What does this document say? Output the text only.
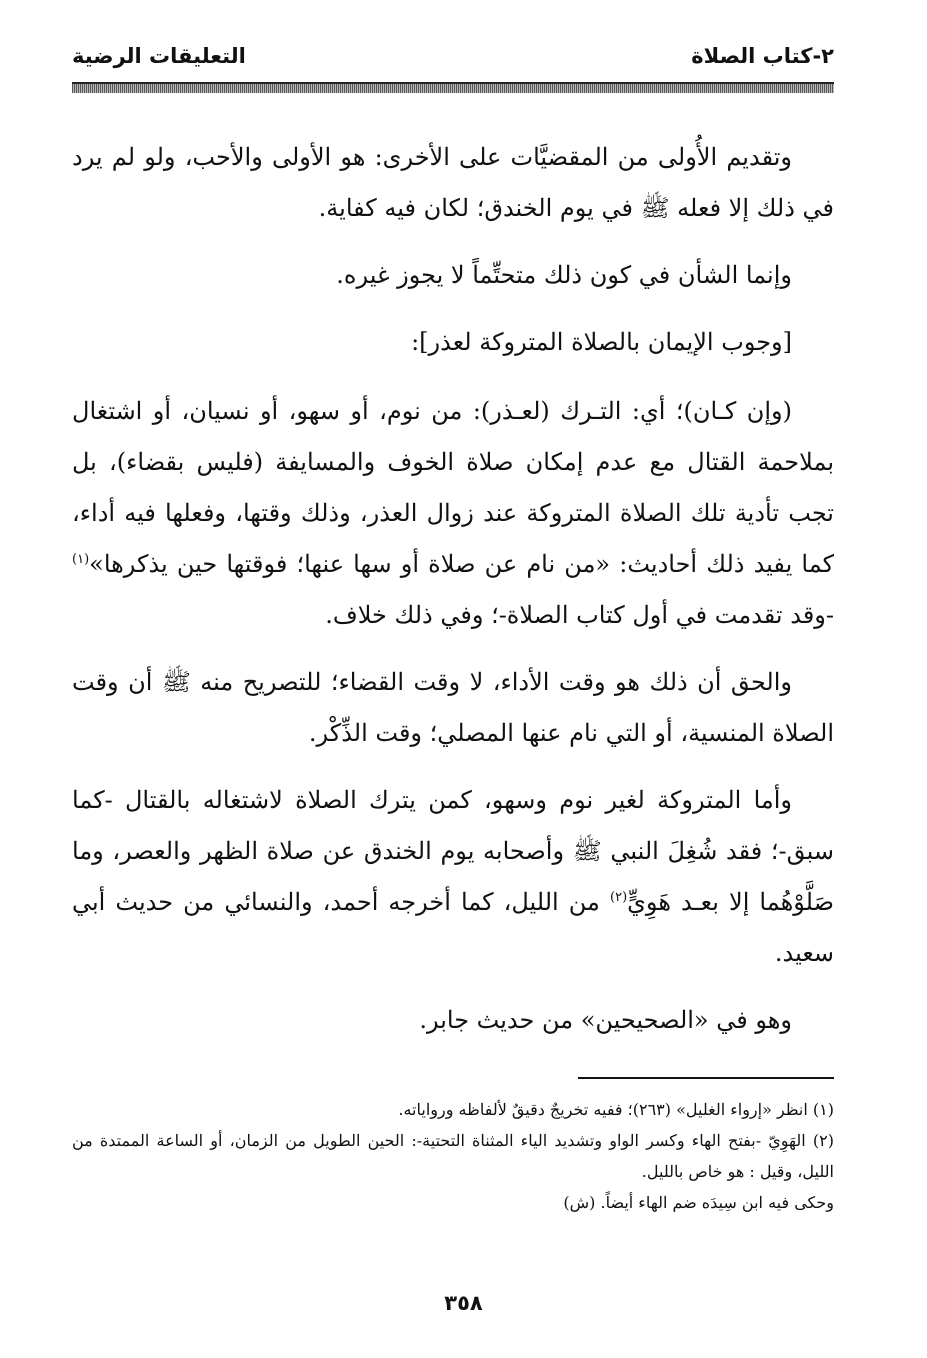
٢-كتاب الصلاة
التعليقات الرضية

وتقديم الأُولى من المقضيَّات على الأخرى: هو الأولى والأحب، ولو لم يرد في ذلك إلا فعله ﷺ في يوم الخندق؛ لكان فيه كفاية.

وإنما الشأن في كون ذلك متحتِّماً لا يجوز غيره.

[وجوب الإيمان بالصلاة المتروكة لعذر]:

(وإن كـان)؛ أي: التـرك (لعـذر): من نوم، أو سهو، أو نسيان، أو اشتغال بملاحمة القتال مع عدم إمكان صلاة الخوف والمسايفة (فليس بقضاء)، بل تجب تأدية تلك الصلاة المتروكة عند زوال العذر، وذلك وقتها، وفعلها فيه أداء، كما يفيد ذلك أحاديث: «من نام عن صلاة أو سها عنها؛ فوقتها حين يذكرها»$^{(١)}$ -وقد تقدمت في أول كتاب الصلاة-؛ وفي ذلك خلاف.

والحق أن ذلك هو وقت الأداء، لا وقت القضاء؛ للتصريح منه ﷺ أن وقت الصلاة المنسية، أو التي نام عنها المصلي؛ وقت الذِّكْر.

وأما المتروكة لغير نوم وسهو، كمن يترك الصلاة لاشتغاله بالقتال -كما سبق-؛ فقد شُغِلَ النبي ﷺ وأصحابه يوم الخندق عن صلاة الظهر والعصر، وما صَلَّوْهُما إلا بعـد هَوِيٍّ$^{(٢)}$ من الليل، كما أخرجه أحمد، والنسائي من حديث أبي سعيد.

وهو في «الصحيحين» من حديث جابر.

(١) انظر «إرواء الغليل» (٢٦٣)؛ ففيه تخريجٌ دقيقٌ لألفاظه ورواياته.

(٢) الهَوِيّ -بفتح الهاء وكسر الواو وتشديد الياء المثناة التحتية-: الحين الطويل من الزمان، أو الساعة الممتدة من الليل، وقيل : هو خاص بالليل.

وحكى فيه ابن سِيدَه ضم الهاء أيضاً. (ش)

٣٥٨
